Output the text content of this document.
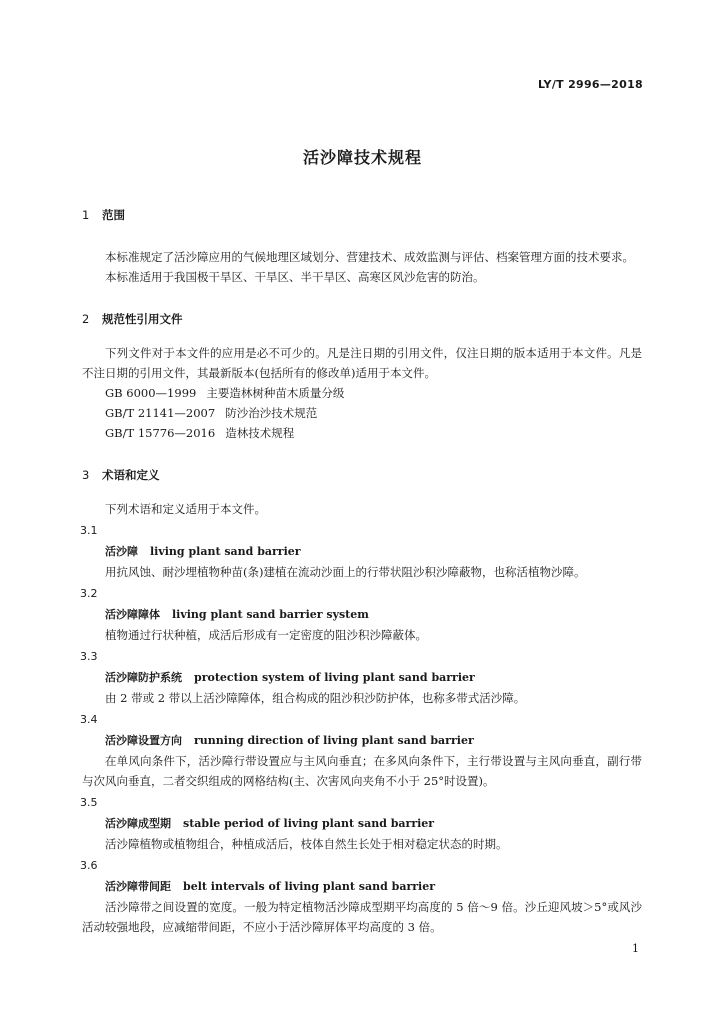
LY/T 2996—2018
活沙障技术规程
1 范围

本标准规定了活沙障应用的气候地理区域划分、营建技术、成效监测与评估、档案管理方面的技术要求。

本标准适用于我国极干旱区、干旱区、半干旱区、高寒区风沙危害的防治。

2 规范性引用文件

下列文件对于本文件的应用是必不可少的。凡是注日期的引用文件，仅注日期的版本适用于本文件。凡是不注日期的引用文件，其最新版本(包括所有的修改单)适用于本文件。

GB 6000—1999 主要造林树种苗木质量分级

GB/T 21141—2007 防沙治沙技术规范

GB/T 15776—2016 造林技术规程

3 术语和定义

下列术语和定义适用于本文件。

3.1

活沙障 living plant sand barrier

用抗风蚀、耐沙埋植物种苗(条)建植在流动沙面上的行带状阻沙积沙障蔽物，也称活植物沙障。

3.2

活沙障障体 living plant sand barrier system

植物通过行状种植，成活后形成有一定密度的阻沙积沙障蔽体。

3.3

活沙障防护系统 protection system of living plant sand barrier

由 2 带或 2 带以上活沙障障体，组合构成的阻沙积沙防护体，也称多带式活沙障。

3.4

活沙障设置方向 running direction of living plant sand barrier

在单风向条件下，活沙障行带设置应与主风向垂直；在多风向条件下，主行带设置与主风向垂直，副行带与次风向垂直，二者交织组成的网格结构(主、次害风向夹角不小于 25°时设置)。

3.5

活沙障成型期 stable period of living plant sand barrier

活沙障植物或植物组合，种植成活后，枝体自然生长处于相对稳定状态的时期。

3.6

活沙障带间距 belt intervals of living plant sand barrier

活沙障带之间设置的宽度。一般为特定植物活沙障成型期平均高度的 5 倍～9 倍。沙丘迎风坡＞5°或风沙活动较强地段，应减缩带间距，不应小于活沙障屏体平均高度的 3 倍。

1
